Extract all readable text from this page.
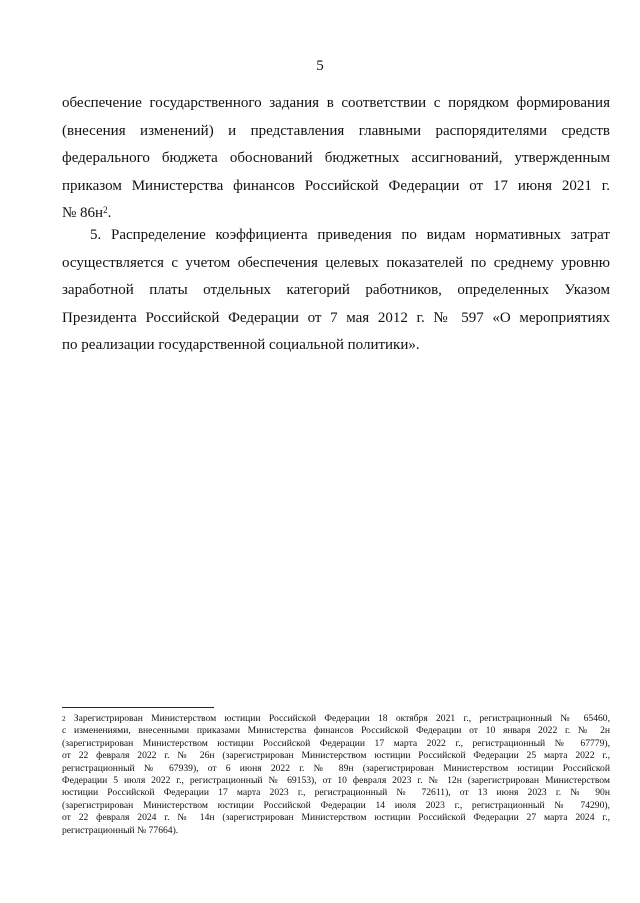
5

обеспечение государственного задания в соответствии с порядком формирования
(внесения изменений) и представления главными распорядителями средств
федерального бюджета обоснований бюджетных ассигнований, утвержденным
приказом Министерства финансов Российской Федерации от 17 июня 2021 г.
№ $86н^2$.

5. Распределение коэффициента приведения по видам нормативных затрат
осуществляется с учетом обеспечения целевых показателей по среднему уровню
заработной платы отдельных категорий работников, определенных Указом
Президента Российской Федерации от 7 мая 2012 г. № 597 «О мероприятиях
по реализации государственной социальной политики».

$^2$ Зарегистрирован Министерством юстиции Российской Федерации 18 октября 2021 г., регистрационный № 65460,
с изменениями, внесенными приказами Министерства финансов Российской Федерации от 10 января 2022 г. № 2н
(зарегистрирован Министерством юстиции Российской Федерации 17 марта 2022 г., регистрационный № 67779),
от 22 февраля 2022 г. № 26н (зарегистрирован Министерством юстиции Российской Федерации 25 марта 2022 г.,
регистрационный № 67939), от 6 июня 2022 г. № 89н (зарегистрирован Министерством юстиции Российской
Федерации 5 июля 2022 г., регистрационный № 69153), от 10 февраля 2023 г. № 12н (зарегистрирован Министерством
юстиции Российской Федерации 17 марта 2023 г., регистрационный № 72611), от 13 июня 2023 г. № 90н
(зарегистрирован Министерством юстиции Российской Федерации 14 июля 2023 г., регистрационный № 74290),
от 22 февраля 2024 г. № 14н (зарегистрирован Министерством юстиции Российской Федерации 27 марта 2024 г.,
регистрационный № 77664).
